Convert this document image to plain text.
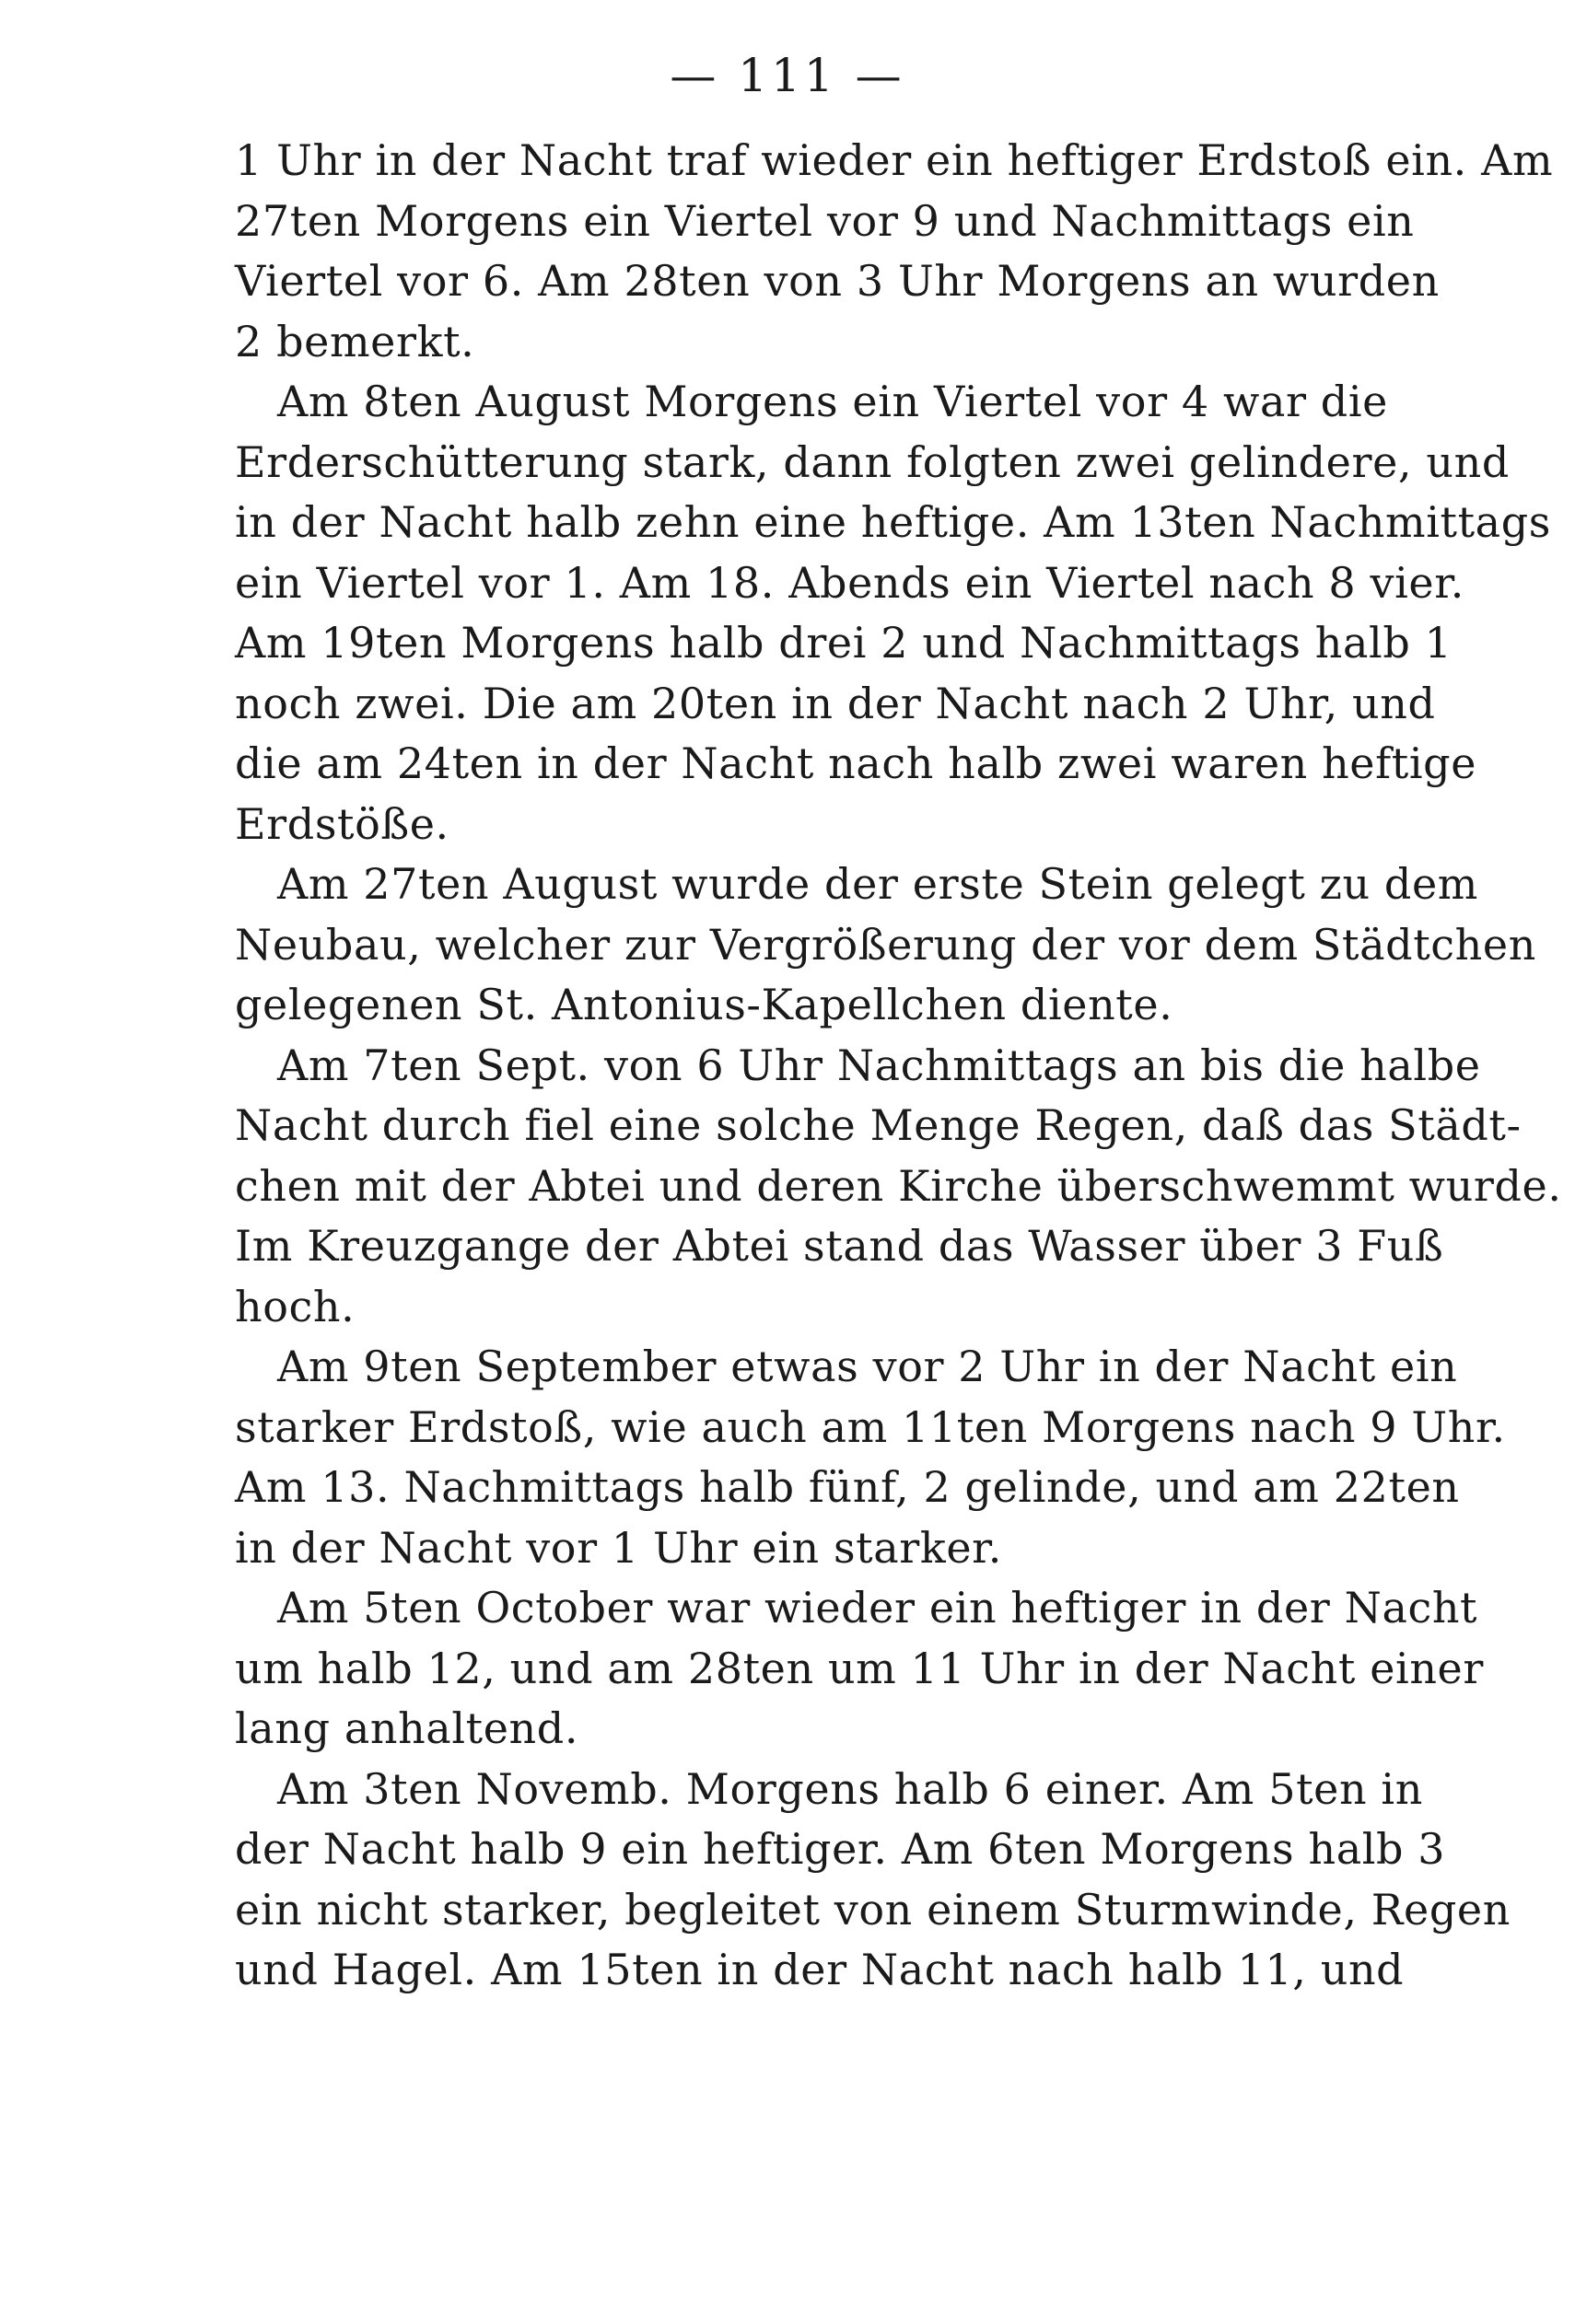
— 111 —
1 Uhr in der Nacht traf wieder ein heftiger Erdstoß ein. Am
27ten Morgens ein Viertel vor 9 und Nachmittags ein
Viertel vor 6. Am 28ten von 3 Uhr Morgens an wurden
2 bemerkt.
Am 8ten August Morgens ein Viertel vor 4 war die
Erderschütterung stark, dann folgten zwei gelindere, und
in der Nacht halb zehn eine heftige. Am 13ten Nachmittags
ein Viertel vor 1. Am 18. Abends ein Viertel nach 8 vier.
Am 19ten Morgens halb drei 2 und Nachmittags halb 1
noch zwei. Die am 20ten in der Nacht nach 2 Uhr, und
die am 24ten in der Nacht nach halb zwei waren heftige
Erdstöße.
Am 27ten August wurde der erste Stein gelegt zu dem
Neubau, welcher zur Vergrößerung der vor dem Städtchen
gelegenen St. Antonius-Kapellchen diente.
Am 7ten Sept. von 6 Uhr Nachmittags an bis die halbe
Nacht durch fiel eine solche Menge Regen, daß das Städt-
chen mit der Abtei und deren Kirche überschwemmt wurde.
Im Kreuzgange der Abtei stand das Wasser über 3 Fuß
hoch.
Am 9ten September etwas vor 2 Uhr in der Nacht ein
starker Erdstoß, wie auch am 11ten Morgens nach 9 Uhr.
Am 13. Nachmittags halb fünf, 2 gelinde, und am 22ten
in der Nacht vor 1 Uhr ein starker.
Am 5ten October war wieder ein heftiger in der Nacht
um halb 12, und am 28ten um 11 Uhr in der Nacht einer
lang anhaltend.
Am 3ten Novemb. Morgens halb 6 einer. Am 5ten in
der Nacht halb 9 ein heftiger. Am 6ten Morgens halb 3
ein nicht starker, begleitet von einem Sturmwinde, Regen
und Hagel. Am 15ten in der Nacht nach halb 11, und
